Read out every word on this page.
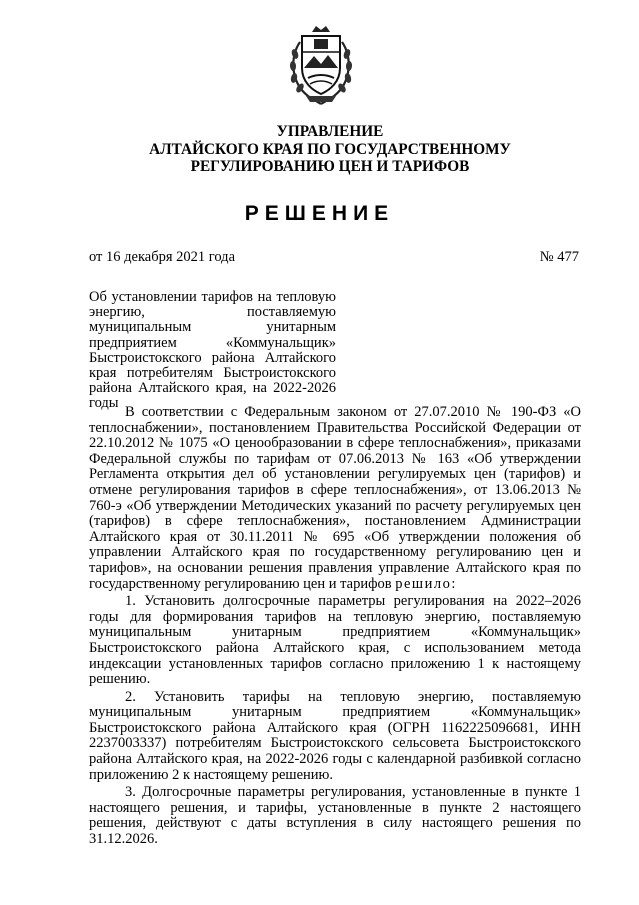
УПРАВЛЕНИЕ
АЛТАЙСКОГО КРАЯ ПО ГОСУДАРСТВЕННОМУ
РЕГУЛИРОВАНИЮ ЦЕН И ТАРИФОВ
РЕШЕНИЕ
от 16 декабря 2021 года	№ 477
Об установлении тарифов на тепловую энергию, поставляемую муниципальным унитарным предприятием «Коммунальщик» Быстроистокского района Алтайского края потребителям Быстроистокского района Алтайского края, на 2022-2026 годы

В соответствии с Федеральным законом от 27.07.2010 № 190-ФЗ «О теплоснабжении», постановлением Правительства Российской Федерации от 22.10.2012 № 1075 «О ценообразовании в сфере теплоснабжения», приказами Федеральной службы по тарифам от 07.06.2013 № 163 «Об утверждении Регламента открытия дел об установлении регулируемых цен (тарифов) и отмене регулирования тарифов в сфере теплоснабжения», от 13.06.2013 № 760-э «Об утверждении Методических указаний по расчету регулируемых цен (тарифов) в сфере теплоснабжения», постановлением Администрации Алтайского края от 30.11.2011 № 695 «Об утверждении положения об управлении Алтайского края по государственному регулированию цен и тарифов», на основании решения правления управление Алтайского края по государственному регулированию цен и тарифов решило:

1. Установить долгосрочные параметры регулирования на 2022–2026 годы для формирования тарифов на тепловую энергию, поставляемую муниципальным унитарным предприятием «Коммунальщик» Быстроистокского района Алтайского края, с использованием метода индексации установленных тарифов согласно приложению 1 к настоящему решению.

2. Установить тарифы на тепловую энергию, поставляемую муниципальным унитарным предприятием «Коммунальщик» Быстроистокского района Алтайского края (ОГРН 1162225096681, ИНН 2237003337) потребителям Быстроистокского сельсовета Быстроистокского района Алтайского края, на 2022-2026 годы с календарной разбивкой согласно приложению 2 к настоящему решению.

3. Долгосрочные параметры регулирования, установленные в пункте 1 настоящего решения, и тарифы, установленные в пункте 2 настоящего решения, действуют с даты вступления в силу настоящего решения по 31.12.2026.
